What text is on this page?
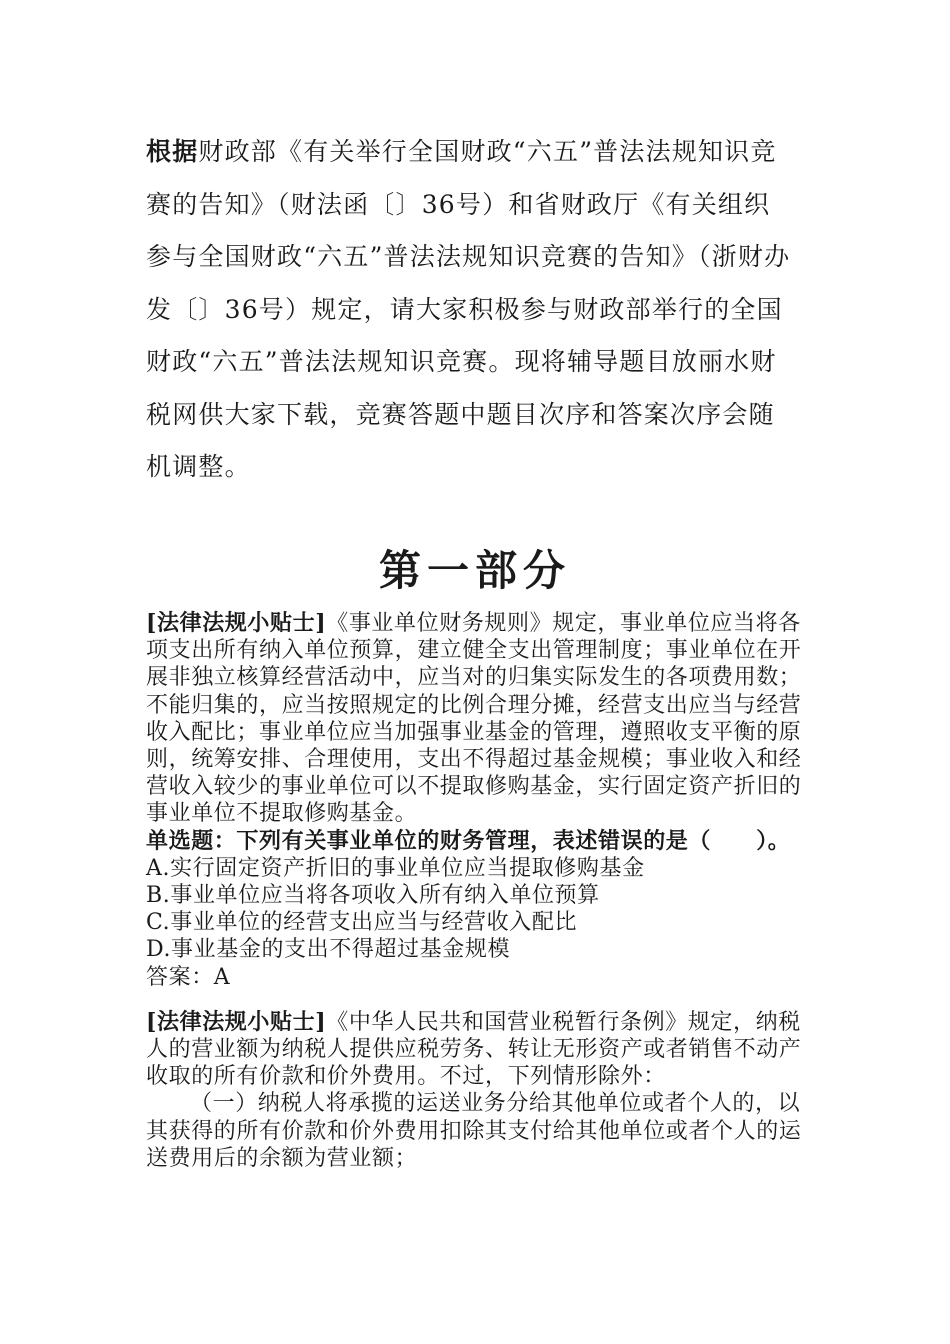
根据财政部《有关举行全国财政“六五”普法法规知识竞赛的告知》（财法函〔〕36号）和省财政厅《有关组织参与全国财政“六五”普法法规知识竞赛的告知》（浙财办发〔〕36号）规定，请大家积极参与财政部举行的全国财政“六五”普法法规知识竞赛。现将辅导题目放丽水财税网供大家下载，竞赛答题中题目次序和答案次序会随机调整。

第一部分

[法律法规小贴士]《事业单位财务规则》规定，事业单位应当将各项支出所有纳入单位预算，建立健全支出管理制度；事业单位在开展非独立核算经营活动中，应当对的归集实际发生的各项费用数；不能归集的，应当按照规定的比例合理分摊，经营支出应当与经营收入配比；事业单位应当加强事业基金的管理，遵照收支平衡的原则，统筹安排、合理使用，支出不得超过基金规模；事业收入和经营收入较少的事业单位可以不提取修购基金，实行固定资产折旧的事业单位不提取修购基金。

单选题：下列有关事业单位的财务管理，表述错误的是（　　）。

A.实行固定资产折旧的事业单位应当提取修购基金
B.事业单位应当将各项收入所有纳入单位预算
C.事业单位的经营支出应当与经营收入配比
D.事业基金的支出不得超过基金规模
答案：A

[法律法规小贴士]《中华人民共和国营业税暂行条例》规定，纳税人的营业额为纳税人提供应税劳务、转让无形资产或者销售不动产收取的所有价款和价外费用。不过，下列情形除外：

（一）纳税人将承揽的运送业务分给其他单位或者个人的，以其获得的所有价款和价外费用扣除其支付给其他单位或者个人的运送费用后的余额为营业额；
